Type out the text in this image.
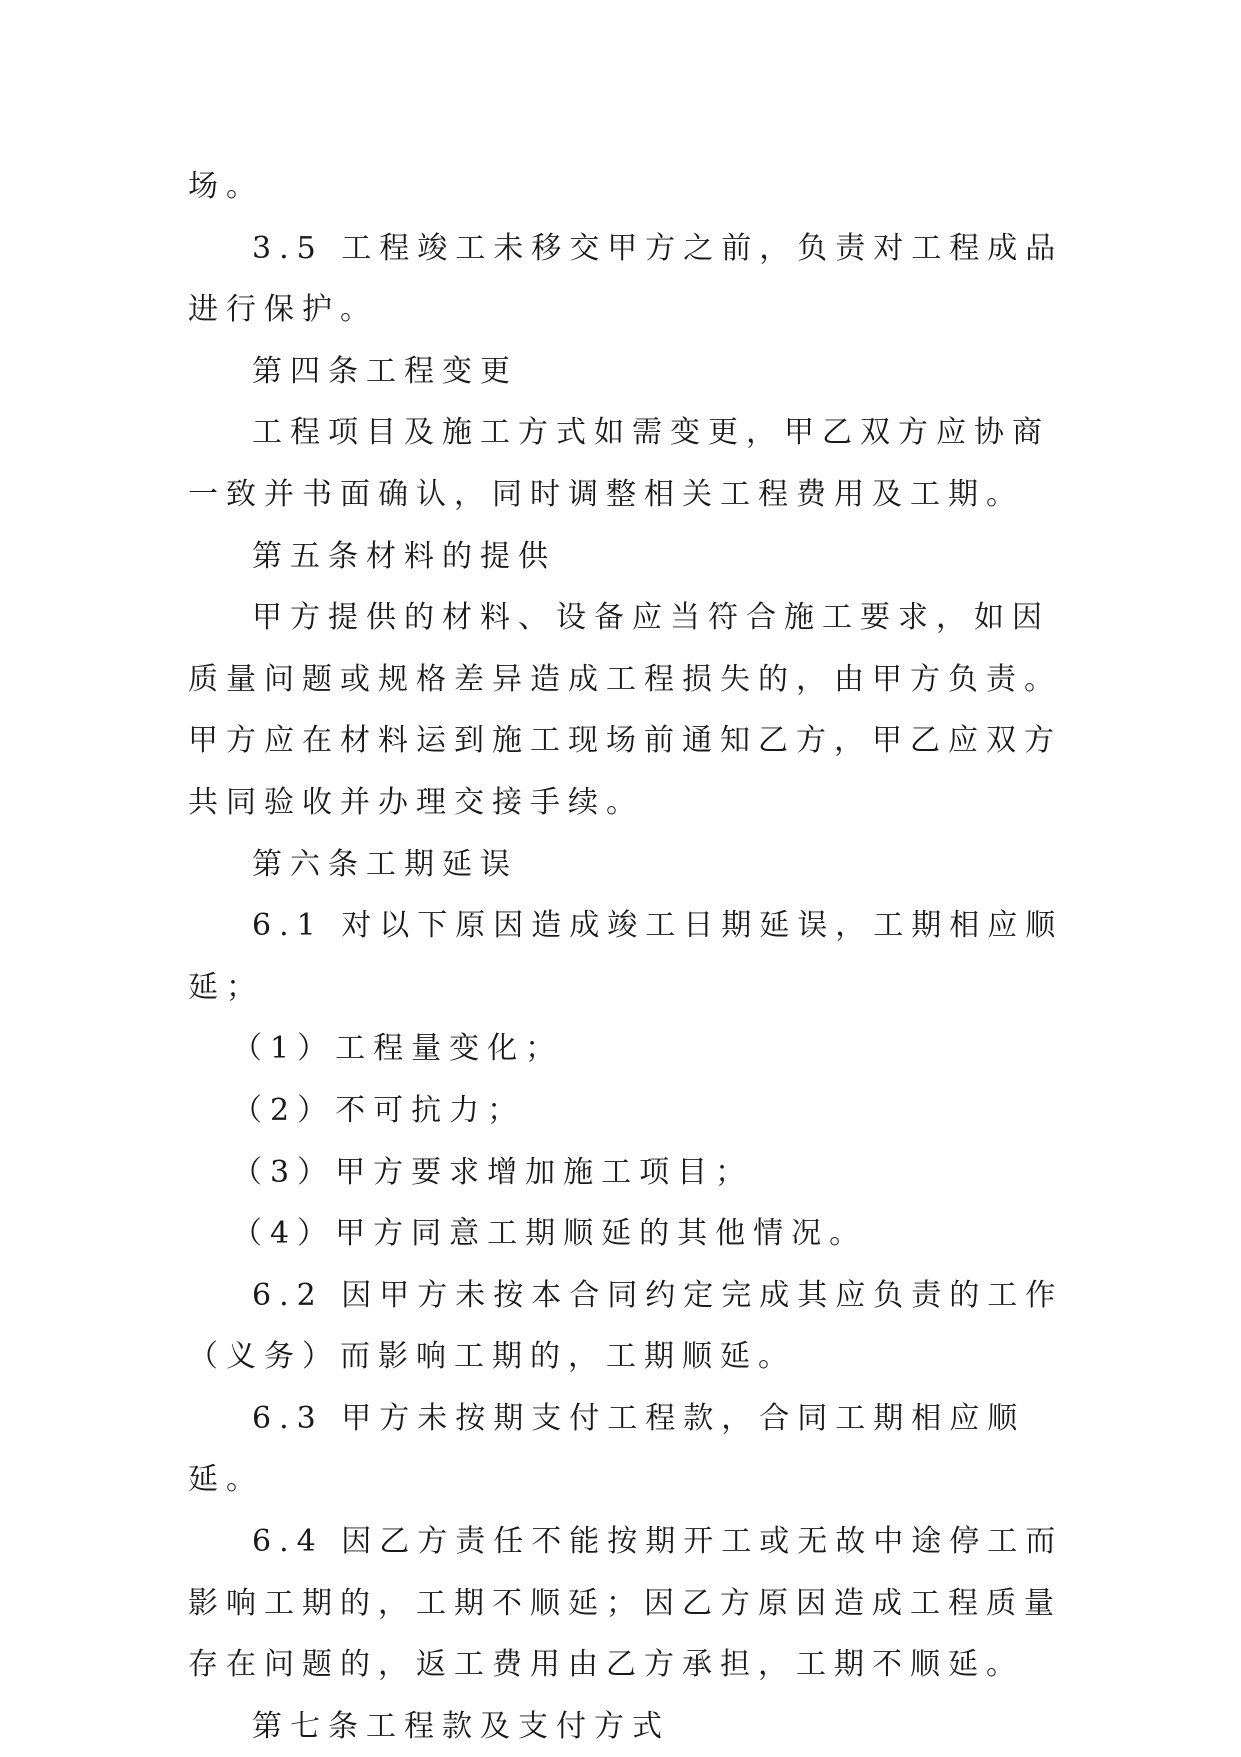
场。

3.5 工程竣工未移交甲方之前，负责对工程成品进行保护。

第四条工程变更

工程项目及施工方式如需变更，甲乙双方应协商一致并书面确认，同时调整相关工程费用及工期。

第五条材料的提供

甲方提供的材料、设备应当符合施工要求，如因质量问题或规格差异造成工程损失的，由甲方负责。甲方应在材料运到施工现场前通知乙方，甲乙应双方共同验收并办理交接手续。

第六条工期延误

6.1 对以下原因造成竣工日期延误，工期相应顺延；

（1）工程量变化；

（2）不可抗力；

（3）甲方要求增加施工项目；

（4）甲方同意工期顺延的其他情况。

6.2 因甲方未按本合同约定完成其应负责的工作（义务）而影响工期的，工期顺延。

6.3 甲方未按期支付工程款，合同工期相应顺延。

6.4 因乙方责任不能按期开工或无故中途停工而影响工期的，工期不顺延；因乙方原因造成工程质量存在问题的，返工费用由乙方承担，工期不顺延。

第七条工程款及支付方式
